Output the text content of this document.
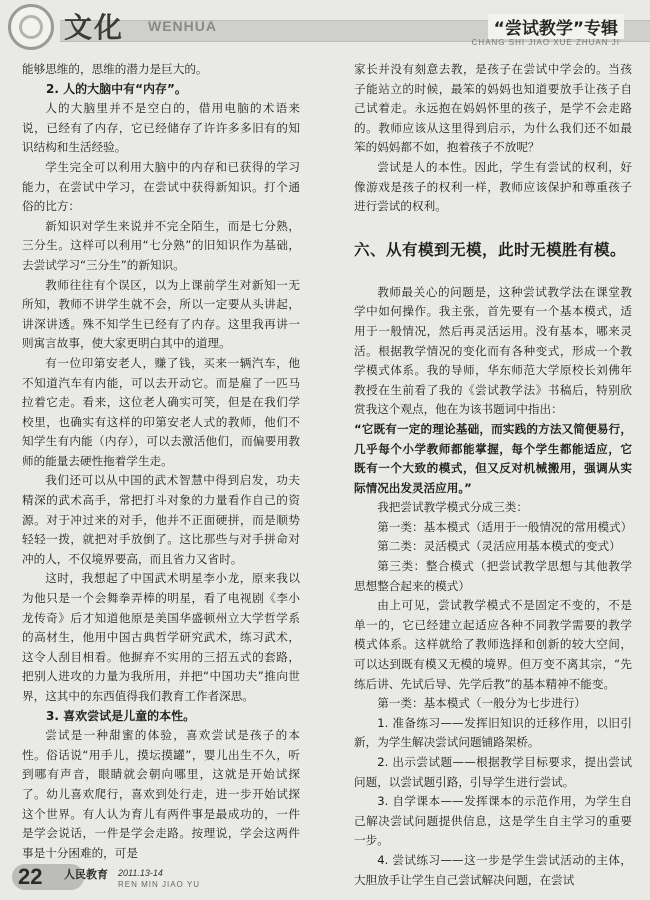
文化 WENHUA	“尝试教学”专辑
CHANG SHI JIAO XUE ZHUAN JI

能够思维的，思维的潜力是巨大的。

2. 人的大脑中有“内存”。

人的大脑里并不是空白的，借用电脑的术语来说，已经有了内存，它已经储存了许许多多旧有的知识结构和生活经验。

学生完全可以利用大脑中的内存和已获得的学习能力，在尝试中学习，在尝试中获得新知识。打个通俗的比方：

新知识对学生来说并不完全陌生，而是七分熟，三分生。这样可以利用“七分熟”的旧知识作为基础，去尝试学习“三分生”的新知识。

教师往往有个误区，以为上课前学生对新知一无所知，教师不讲学生就不会，所以一定要从头讲起，讲深讲透。殊不知学生已经有了内存。这里我再讲一则寓言故事，使大家更明白其中的道理。

有一位印第安老人，赚了钱，买来一辆汽车，他不知道汽车有内能，可以去开动它。而是雇了一匹马拉着它走。看来，这位老人确实可笑，但是在我们学校里，也确实有这样的印第安老人式的教师，他们不知学生有内能（内存），可以去激活他们，而偏要用教师的能量去硬性拖着学生走。

我们还可以从中国的武术智慧中得到启发，功夫精深的武术高手，常把打斗对象的力量看作自己的资源。对于冲过来的对手，他并不正面硬拼，而是顺势轻轻一拨，就把对手放倒了。这比那些与对手拼命对冲的人，不仅境界要高，而且省力又省时。

这时，我想起了中国武术明星李小龙，原来我以为他只是一个会舞拳弄棒的明星，看了电视剧《李小龙传奇》后才知道他原是美国华盛顿州立大学哲学系的高材生，他用中国古典哲学研究武术，练习武术，这令人刮目相看。他摒弃不实用的三招五式的套路，把别人进攻的力量为我所用，并把“中国功夫”推向世界，这其中的东西值得我们教育工作者深思。

3. 喜欢尝试是儿童的本性。

尝试是一种甜蜜的体验，喜欢尝试是孩子的本性。俗话说“用手儿，摸坛摸罐”，婴儿出生不久，听到哪有声音，眼睛就会朝向哪里，这就是开始试探了。幼儿喜欢爬行，喜欢到处行走，进一步开始试探这个世界。有人认为育儿有两件事是最成功的，一件是学会说话，一件是学会走路。按理说，学会这两件事是十分困难的，可是

家长并没有刻意去教，是孩子在尝试中学会的。当孩子能站立的时候，最笨的妈妈也知道要放手让孩子自己试着走。永远抱在妈妈怀里的孩子，是学不会走路的。教师应该从这里得到启示，为什么我们还不如最笨的妈妈都不如，抱着孩子不放呢？

尝试是人的本性。因此，学生有尝试的权利，好像游戏是孩子的权利一样，教师应该保护和尊重孩子进行尝试的权利。

六、从有模到无模，此时无模胜有模。

教师最关心的问题是，这种尝试教学法在课堂教学中如何操作。我主张，首先要有一个基本模式，适用于一般情况，然后再灵活运用。没有基本，哪来灵活。根据教学情况的变化而有各种变式，形成一个教学模式体系。我的导师，华东师范大学原校长刘佛年教授在生前看了我的《尝试教学法》书稿后，特别欣赏我这个观点，他在为该书题词中指出：

“它既有一定的理论基础，而实践的方法又简便易行，几乎每个小学教师都能掌握，每个学生都能适应，它既有一个大致的模式，但又反对机械搬用，强调从实际情况出发灵活应用。”

我把尝试教学模式分成三类：

第一类：基本模式（适用于一般情况的常用模式）

第二类：灵活模式（灵活应用基本模式的变式）

第三类：整合模式（把尝试教学思想与其他教学思想整合起来的模式）

由上可见，尝试教学模式不是固定不变的，不是单一的，它已经建立起适应各种不同教学需要的教学模式体系。这样就给了教师选择和创新的较大空间，可以达到既有模又无模的境界。但万变不离其宗，“先练后讲、先试后导、先学后教”的基本精神不能变。

第一类：基本模式（一般分为七步进行）

1. 准备练习——发挥旧知识的迁移作用，以旧引新，为学生解决尝试问题铺路架桥。

2. 出示尝试题——根据教学目标要求，提出尝试问题，以尝试题引路，引导学生进行尝试。

3. 自学课本——发挥课本的示范作用，为学生自己解决尝试问题提供信息，这是学生自主学习的重要一步。

4. 尝试练习——这一步是学生尝试活动的主体，大胆放手让学生自己尝试解决问题，在尝试

22 人民教育 2011.13-14
REN MIN JIAO YU
